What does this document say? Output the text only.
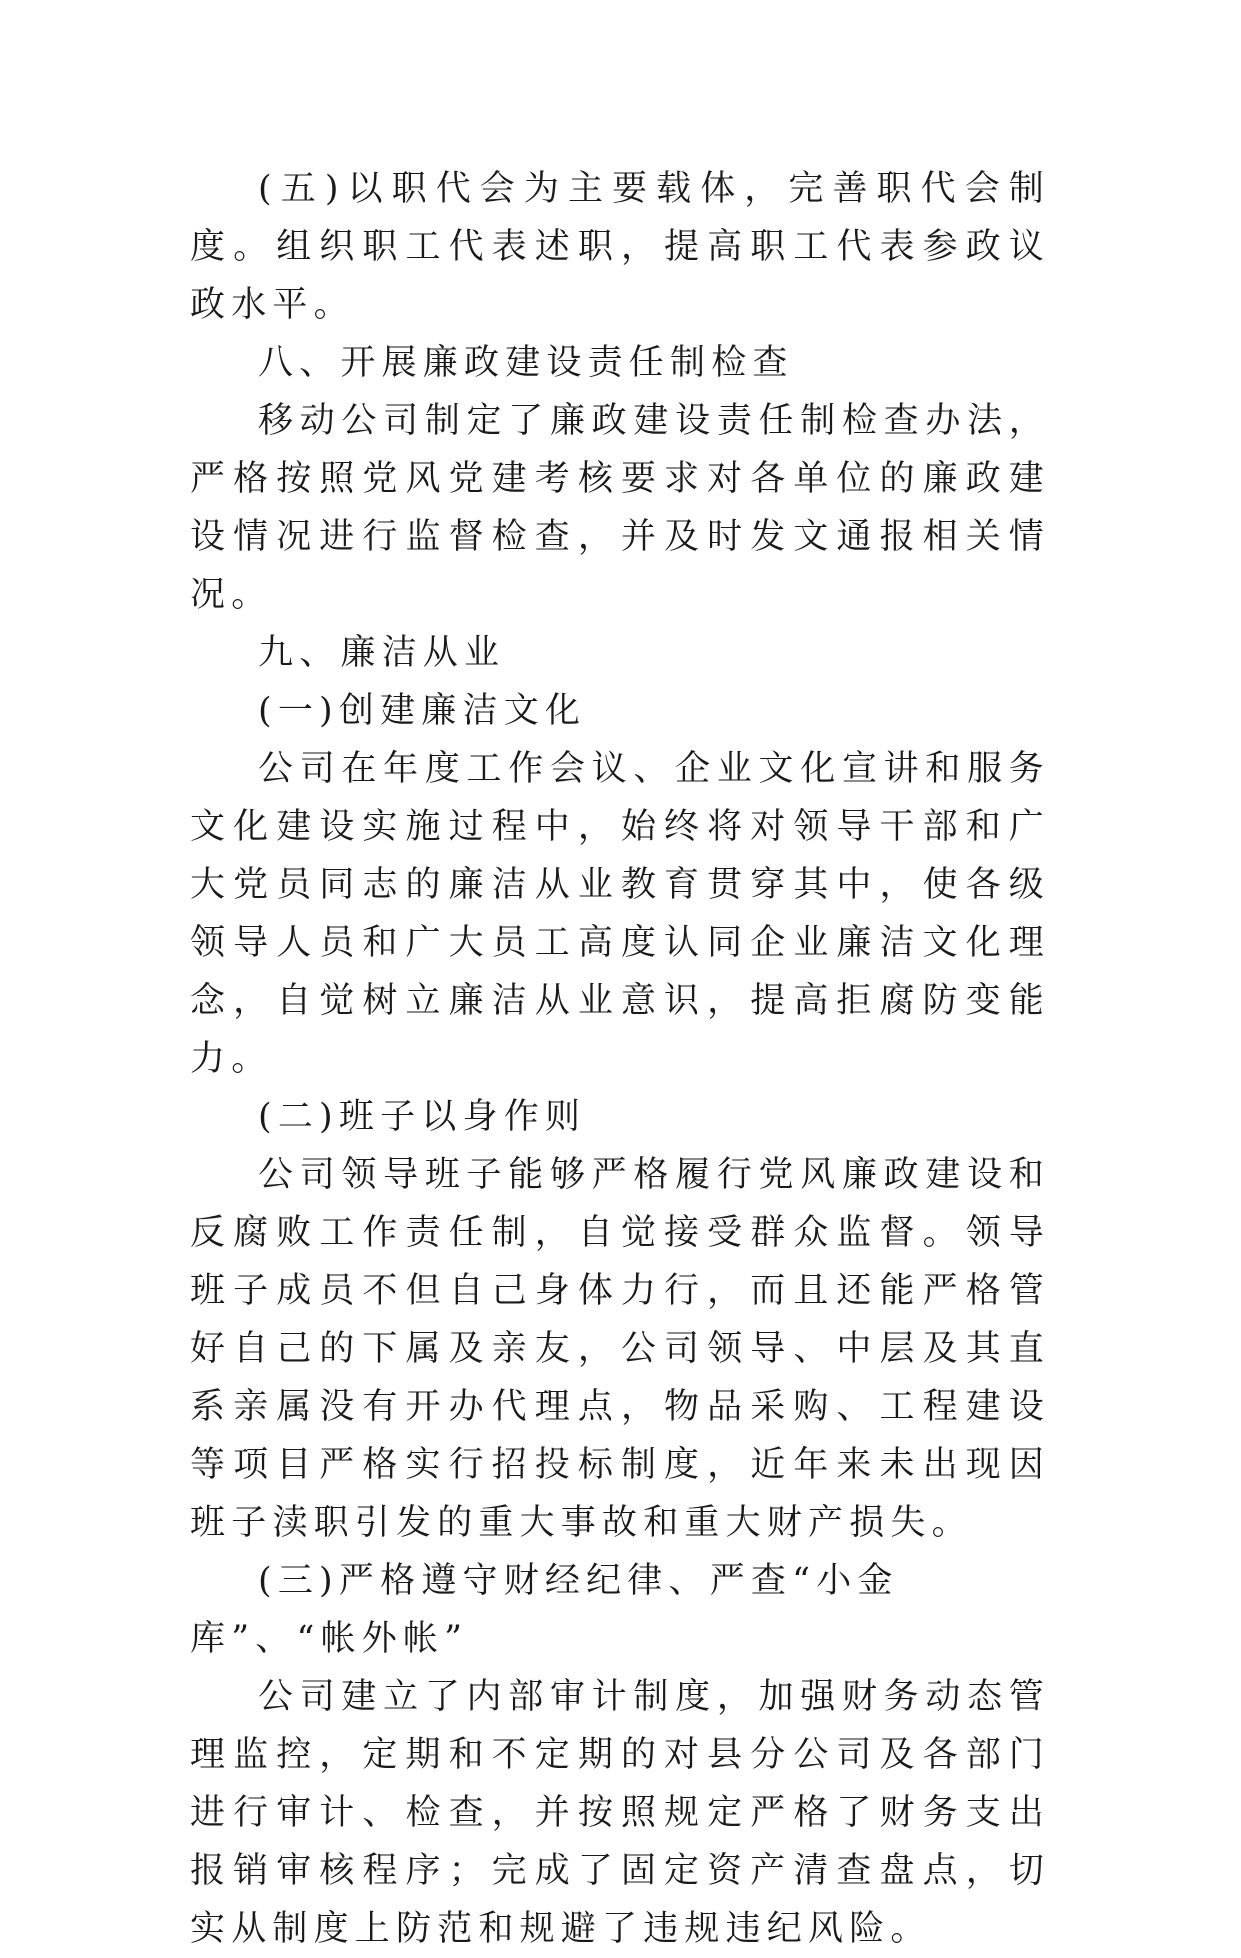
(五)以职代会为主要载体，完善职代会制度。组织职工代表述职，提高职工代表参政议政水平。

八、开展廉政建设责任制检查

移动公司制定了廉政建设责任制检查办法，严格按照党风党建考核要求对各单位的廉政建设情况进行监督检查，并及时发文通报相关情况。

九、廉洁从业

(一)创建廉洁文化

公司在年度工作会议、企业文化宣讲和服务文化建设实施过程中，始终将对领导干部和广大党员同志的廉洁从业教育贯穿其中，使各级领导人员和广大员工高度认同企业廉洁文化理念，自觉树立廉洁从业意识，提高拒腐防变能力。

(二)班子以身作则

公司领导班子能够严格履行党风廉政建设和反腐败工作责任制，自觉接受群众监督。领导班子成员不但自己身体力行，而且还能严格管好自己的下属及亲友，公司领导、中层及其直系亲属没有开办代理点，物品采购、工程建设等项目严格实行招投标制度，近年来未出现因班子渎职引发的重大事故和重大财产损失。

(三)严格遵守财经纪律、严查“小金库”、“帐外帐”

公司建立了内部审计制度，加强财务动态管理监控，定期和不定期的对县分公司及各部门进行审计、检查，并按照规定严格了财务支出报销审核程序；完成了固定资产清查盘点，切实从制度上防范和规避了违规违纪风险。
